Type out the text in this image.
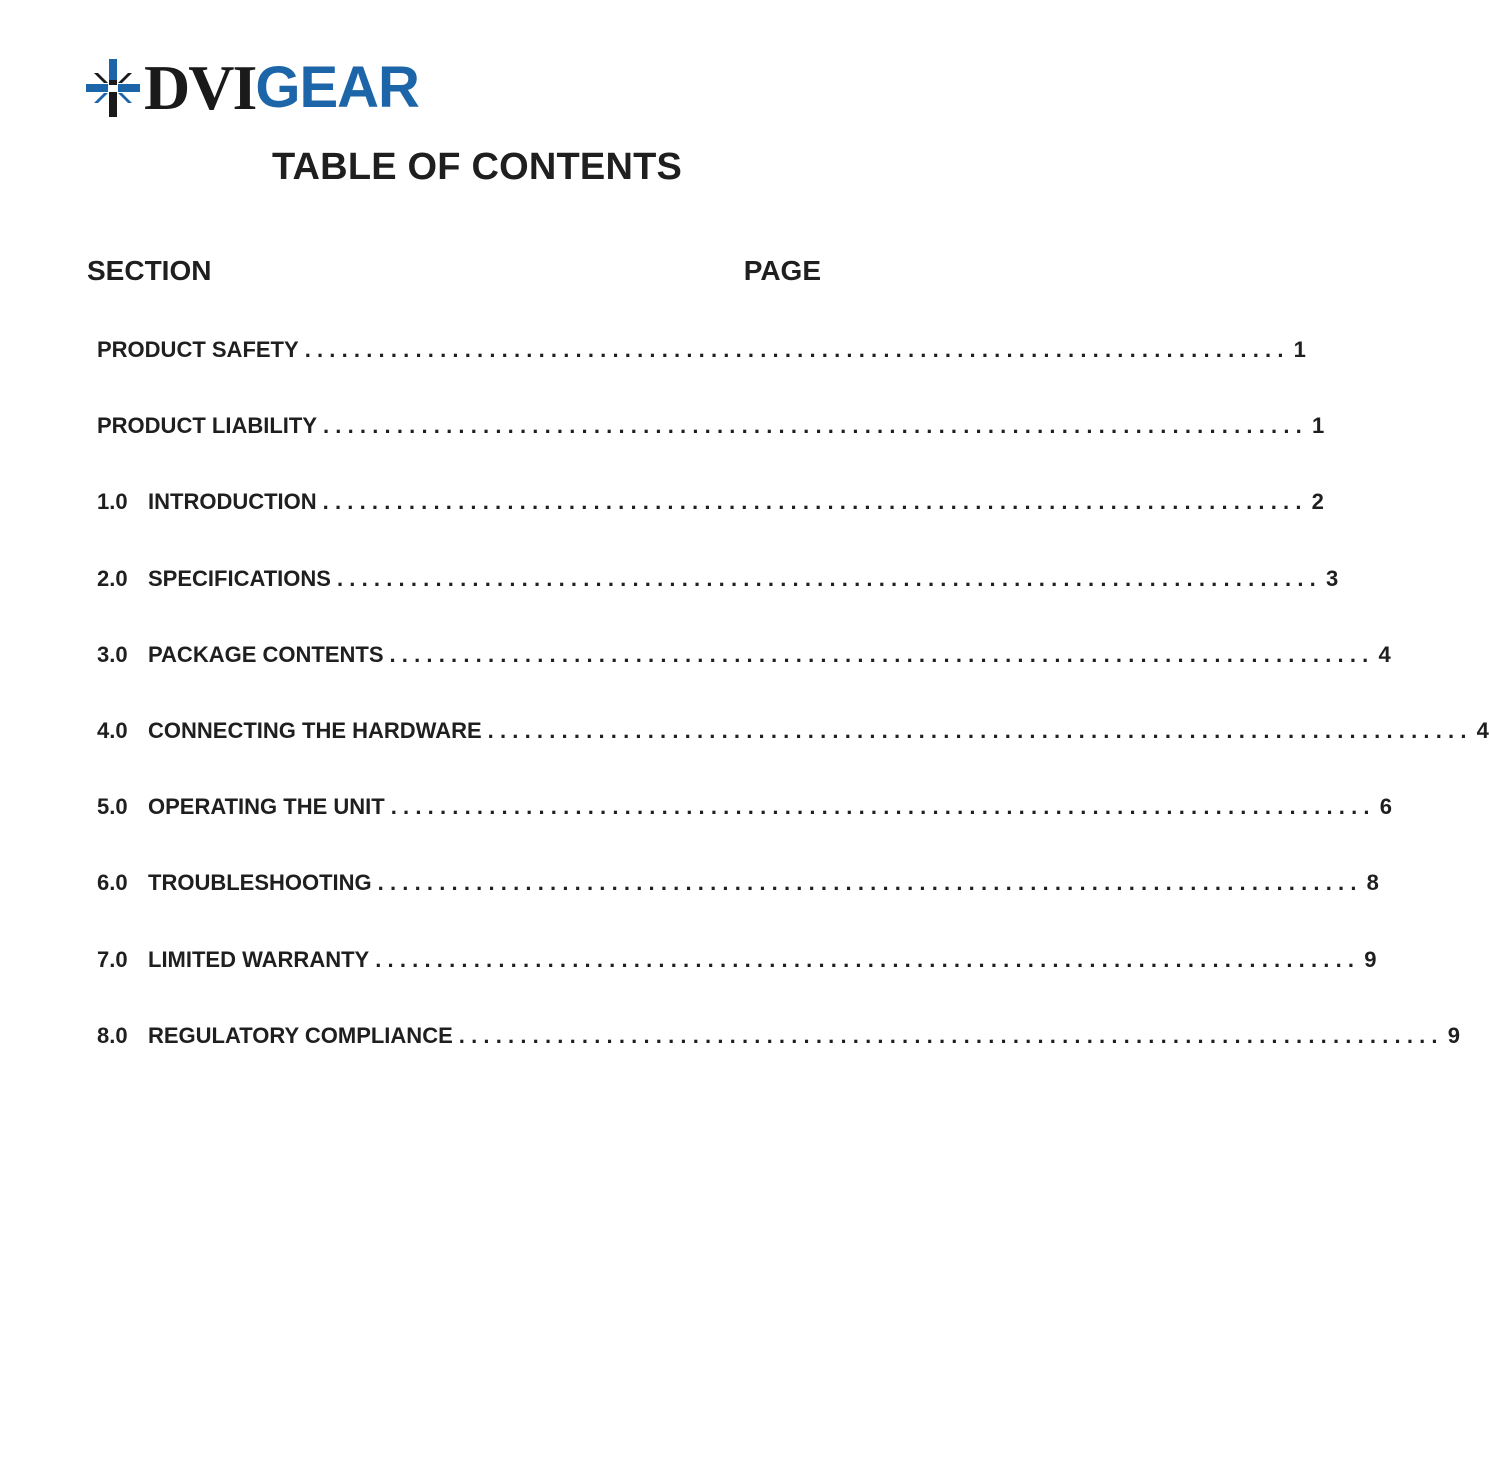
DVI GEAR
TABLE OF CONTENTS
SECTION	PAGE
PRODUCT SAFETY ................................................................................ 1
PRODUCT LIABILITY ................................................................................ 1
1.0 INTRODUCTION ................................................................................ 2
2.0 SPECIFICATIONS ................................................................................ 3
3.0 PACKAGE CONTENTS ................................................................................ 4
4.0 CONNECTING THE HARDWARE ................................................................................ 4
5.0 OPERATING THE UNIT ................................................................................ 6
6.0 TROUBLESHOOTING ................................................................................ 8
7.0 LIMITED WARRANTY ................................................................................ 9
8.0 REGULATORY COMPLIANCE ................................................................................ 9
